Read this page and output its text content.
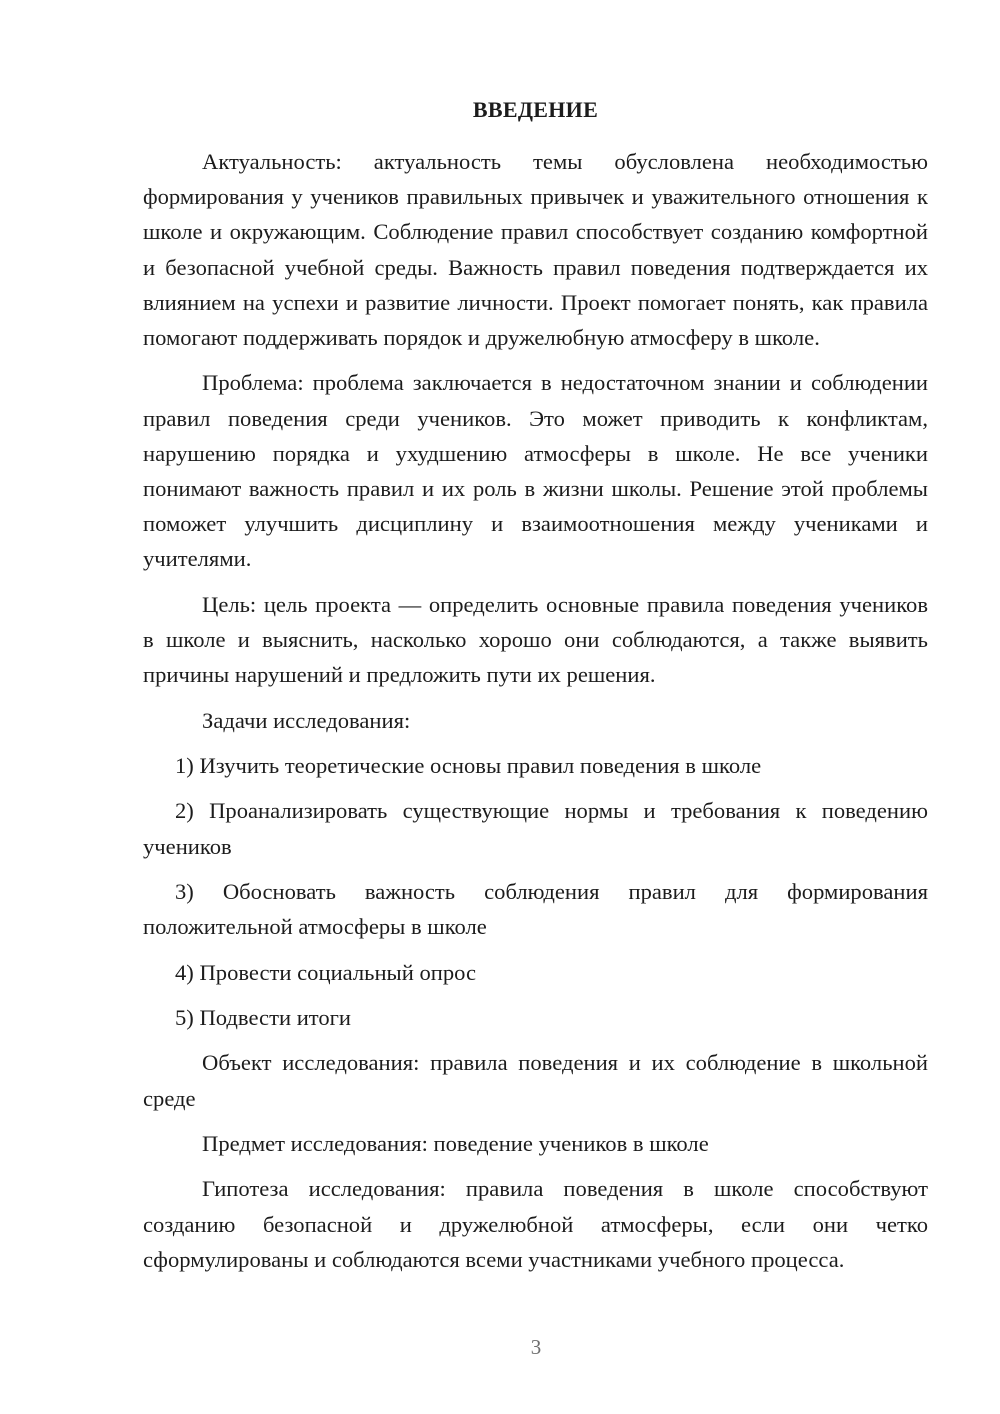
ВВЕДЕНИЕ
Актуальность: актуальность темы обусловлена необходимостью формирования у учеников правильных привычек и уважительного отношения к школе и окружающим. Соблюдение правил способствует созданию комфортной и безопасной учебной среды. Важность правил поведения подтверждается их влиянием на успехи и развитие личности. Проект помогает понять, как правила помогают поддерживать порядок и дружелюбную атмосферу в школе.
Проблема: проблема заключается в недостаточном знании и соблюдении правил поведения среди учеников. Это может приводить к конфликтам, нарушению порядка и ухудшению атмосферы в школе. Не все ученики понимают важность правил и их роль в жизни школы. Решение этой проблемы поможет улучшить дисциплину и взаимоотношения между учениками и учителями.
Цель: цель проекта — определить основные правила поведения учеников в школе и выяснить, насколько хорошо они соблюдаются, а также выявить причины нарушений и предложить пути их решения.
Задачи исследования:
1) Изучить теоретические основы правил поведения в школе
2) Проанализировать существующие нормы и требования к поведению учеников
3) Обосновать важность соблюдения правил для формирования положительной атмосферы в школе
4) Провести социальный опрос
5) Подвести итоги
Объект исследования: правила поведения и их соблюдение в школьной среде
Предмет исследования: поведение учеников в школе
Гипотеза исследования: правила поведения в школе способствуют созданию безопасной и дружелюбной атмосферы, если они четко сформулированы и соблюдаются всеми участниками учебного процесса.
3
